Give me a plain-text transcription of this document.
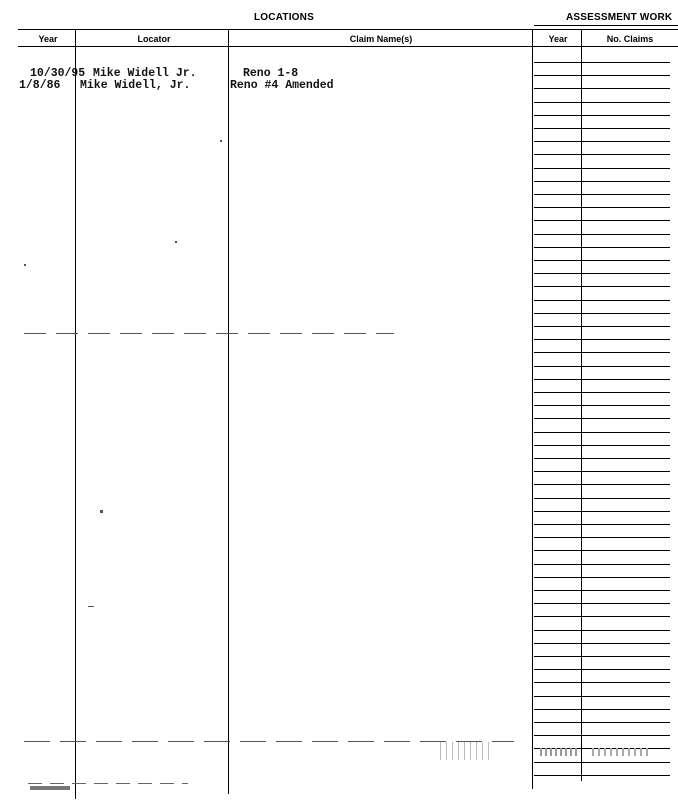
LOCATIONS	ASSESSMENT WORK
Year	Locator	Claim Name(s)	Year	No. Claims
10/30/95 Mike Widell Jr.	Reno 1-8
1/8/86 Mike Widell, Jr.	Reno #4 Amended
